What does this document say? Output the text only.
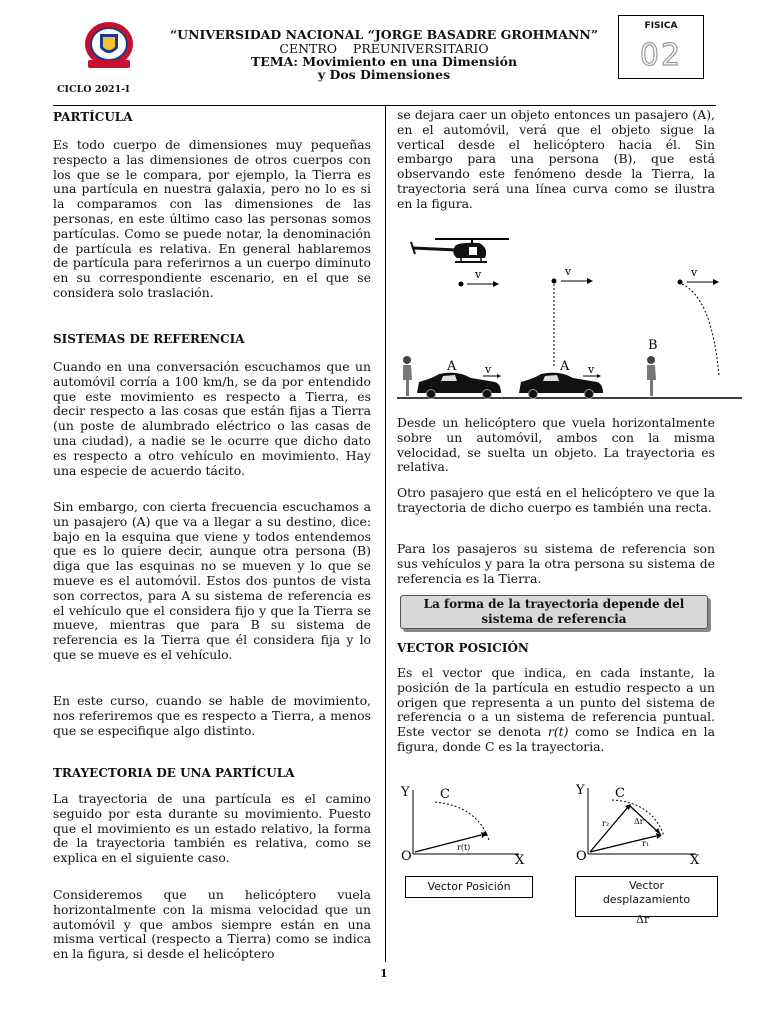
“UNIVERSIDAD NACIONAL “JORGE BASADRE GROHMANN”
CENTRO    PREUNIVERSITARIO
TEMA: Movimiento en una Dimensión
y Dos Dimensiones
FISICA
02
CICLO 2021-I
PARTÍCULA

Es todo cuerpo de dimensiones muy pequeñas respecto a las dimensiones de otros cuerpos con los que se le compara, por ejemplo, la Tierra es una partícula en nuestra galaxia, pero no lo es si la comparamos con las dimensiones de las personas, en este último caso las personas somos partículas. Como se puede notar, la denominación de partícula es relativa. En general hablaremos de partícula para referirnos a un cuerpo diminuto en su correspondiente escenario, en el que se considera solo traslación.

SISTEMAS DE REFERENCIA

Cuando en una conversación escuchamos que un automóvil corría a 100 km/h, se da por entendido que este movimiento es respecto a Tierra, es decir respecto a las cosas que están fijas a Tierra (un poste de alumbrado eléctrico o las casas de una ciudad), a nadie se le ocurre que dicho dato es respecto a otro vehículo en movimiento. Hay una especie de acuerdo tácito.

Sin embargo, con cierta frecuencia escuchamos a un pasajero (A) que va a llegar a su destino, dice: bajo en la esquina que viene y todos entendemos que es lo quiere decir, aunque otra persona (B) diga que las esquinas no se mueven y lo que se mueve es el automóvil. Estos dos puntos de vista son correctos, para A su sistema de referencia es el vehículo que el considera fijo y que la Tierra se mueve, mientras que para B su sistema de referencia es la Tierra que él considera fija y lo que se mueve es el vehículo.

En este curso, cuando se hable de movimiento, nos referiremos que es respecto a Tierra, a menos que se especifique algo distinto.

TRAYECTORIA DE UNA PARTÍCULA

La trayectoria de una partícula es el camino seguido por esta durante su movimiento. Puesto que el movimiento es un estado relativo, la forma de la trayectoria también es relativa, como se explica en el siguiente caso.

Consideremos que un helicóptero vuela horizontalmente con la misma velocidad que un automóvil y que ambos siempre están en una misma vertical (respecto a Tierra) como se indica en la figura, si desde el helicóptero

se dejara caer un objeto entonces un pasajero (A), en el automóvil, verá que el objeto sigue la vertical desde el helicóptero hacia él. Sin embargo para una persona (B), que está observando este fenómeno desde la Tierra, la trayectoria será una línea curva como se ilustra en la figura.

v	v	v
A	v	A v
B

Desde un helicóptero que vuela horizontalmente sobre un automóvil, ambos con la misma velocidad, se suelta un objeto. La trayectoria es relativa.

Otro pasajero que está en el helicóptero ve que la trayectoria de dicho cuerpo es también una recta.

Para los pasajeros su sistema de referencia son sus vehículos y para la otra persona su sistema de referencia es la Tierra.

La forma de la trayectoria depende del sistema de referencia
VECTOR POSICIÓN

Es el vector que indica, en cada instante, la posición de la partícula en estudio respecto a un origen que representa a un punto del sistema de referencia o a un sistema de referencia puntual. Este vector se denota r(t) como se Indica en la figura, donde C es la trayectoria.

Y
X
O
C
r(t)
Y
X
O
C
r₂
r₁
Δr
Vector Posición	Vector
desplazamiento
Δr
1
